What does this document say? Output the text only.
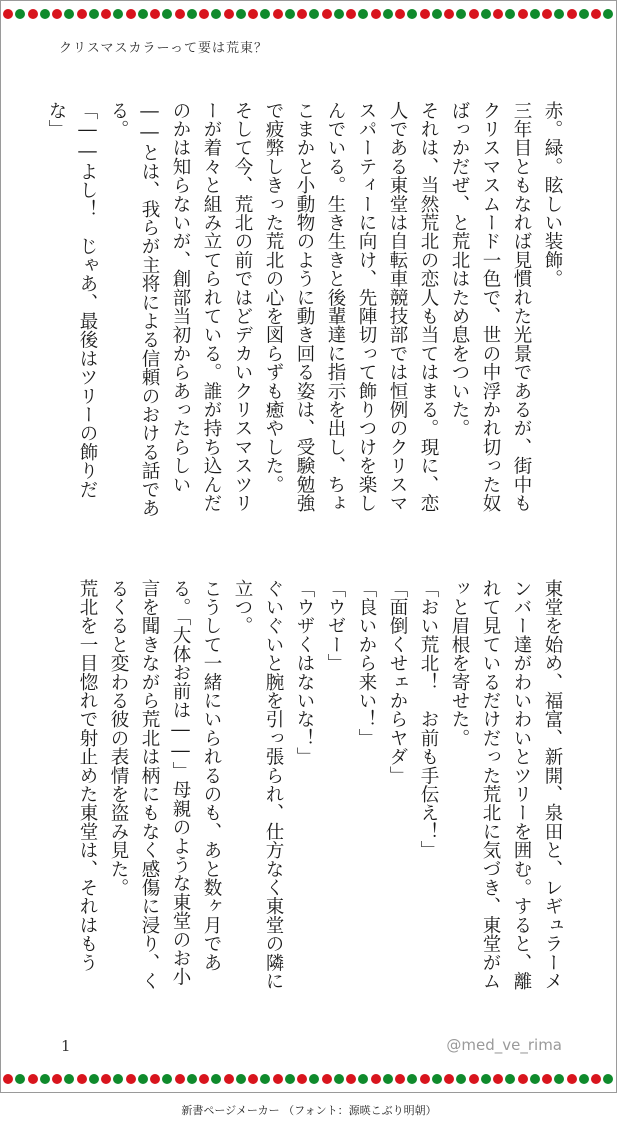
クリスマスカラーって要は荒東？

赤。緑。眩しい装飾。

三年目ともなれば見慣れた光景であるが、街中もクリスマスムード一色で、世の中浮かれ切った奴ばっかだぜ、と荒北はため息をついた。

それは、当然荒北の恋人も当てはまる。現に、恋人である東堂は自転車競技部では恒例のクリスマスパーティーに向け、先陣切って飾りつけを楽しんでいる。生き生きと後輩達に指示を出し、ちょこまかと小動物のように動き回る姿は、受験勉強で疲弊しきった荒北の心を図らずも癒やした。

そして今、荒北の前ではどデカいクリスマスツリーが着々と組み立てられている。誰が持ち込んだのかは知らないが、創部当初からあったらしい――とは、我らが主将による信頼のおける話である。

「――よし！　じゃあ、最後はツリーの飾りだな」

東堂を始め、福富、新開、泉田と、レギュラーメンバー達がわいわいとツリーを囲む。すると、離れて見ているだけだった荒北に気づき、東堂がムッと眉根を寄せた。

「おい荒北！　お前も手伝え！」

「面倒くせェからヤダ」

「良いから来い！」

「ウゼー」

「ウザくはないな！」

ぐいぐいと腕を引っ張られ、仕方なく東堂の隣に立つ。

こうして一緒にいられるのも、あと数ヶ月である。「大体お前は――」母親のような東堂のお小言を聞きながら荒北は柄にもなく感傷に浸り、くるくると変わる彼の表情を盗み見た。

荒北を一目惚れで射止めた東堂は、それはもう

1	@med_ve_rima
新書ページメーカー （フォント：源暎こぶり明朝）
